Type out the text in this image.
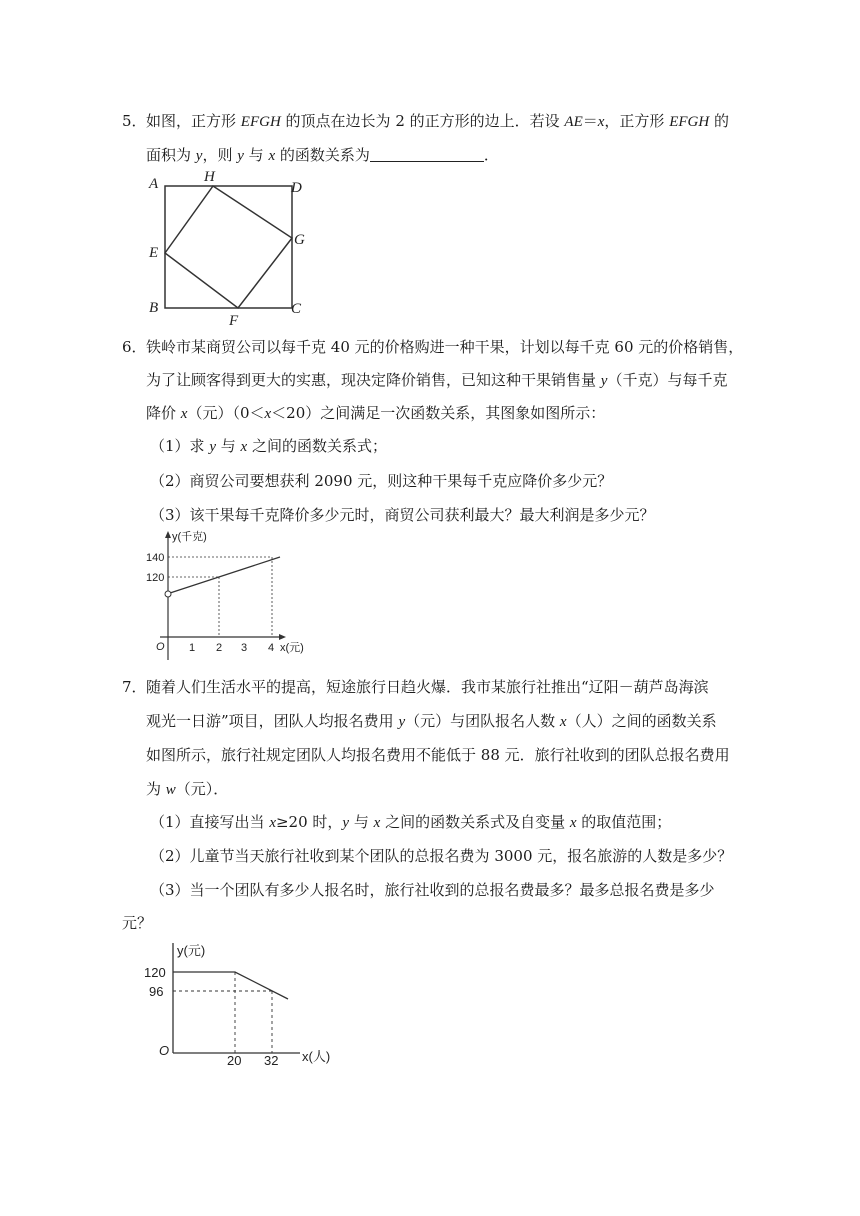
5． 如图，正方形 EFGH 的顶点在边长为 2 的正方形的边上．若设 AE＝x，正方形 EFGH 的
面积为 y，则 y 与 x 的函数关系为	．
A	H
D
E
G
B	C
F
6． 铁岭市某商贸公司以每千克 40 元的价格购进一种干果，计划以每千克 60 元的价格销售，
为了让顾客得到更大的实惠，现决定降价销售，已知这种干果销售量 y（千克）与每千克
降价 x（元）（0＜x＜20）之间满足一次函数关系，其图象如图所示：
（1）求 y 与 x 之间的函数关系式；
（2）商贸公司要想获利 2090 元，则这种干果每千克应降价多少元？
（3）该干果每千克降价多少元时，商贸公司获利最大？最大利润是多少元？
y(千克)
140
120
O 1 2 3 4 x(元)
7． 随着人们生活水平的提高，短途旅行日趋火爆．我市某旅行社推出“辽阳－葫芦岛海滨
观光一日游”项目，团队人均报名费用 y（元）与团队报名人数 x（人）之间的函数关系
如图所示，旅行社规定团队人均报名费用不能低于 88 元．旅行社收到的团队总报名费用
为 w（元）．
（1）直接写出当 x≥20 时，y 与 x 之间的函数关系式及自变量 x 的取值范围；
（2）儿童节当天旅行社收到某个团队的总报名费为 3000 元，报名旅游的人数是多少？
（3）当一个团队有多少人报名时，旅行社收到的总报名费最多？最多总报名费是多少
元？
y(元)
120
96
O
20 32 x(人)
